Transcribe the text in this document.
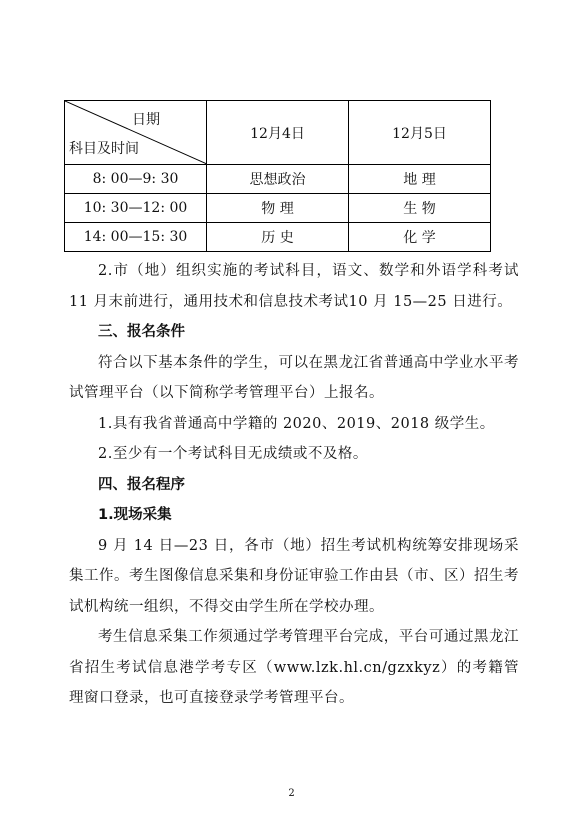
日期
科目及时间	12月4日	12月5日
8: 00—9: 30	思想政治	地 理
10: 30—12: 00	物 理	生 物
14: 00—15: 30	历 史	化 学

2.市（地）组织实施的考试科目，语文、数学和外语学科考试 11 月末前进行，通用技术和信息技术考试10 月 15—25 日进行。

三、报名条件

符合以下基本条件的学生，可以在黑龙江省普通高中学业水平考试管理平台（以下简称学考管理平台）上报名。

1.具有我省普通高中学籍的 2020、2019、2018 级学生。

2.至少有一个考试科目无成绩或不及格。

四、报名程序

1.现场采集

9 月 14 日—23 日，各市（地）招生考试机构统筹安排现场采集工作。考生图像信息采集和身份证审验工作由县（市、区）招生考试机构统一组织，不得交由学生所在学校办理。

考生信息采集工作须通过学考管理平台完成，平台可通过黑龙江省招生考试信息港学考专区（www.lzk.hl.cn/gzxkyz）的考籍管理窗口登录，也可直接登录学考管理平台。

2
